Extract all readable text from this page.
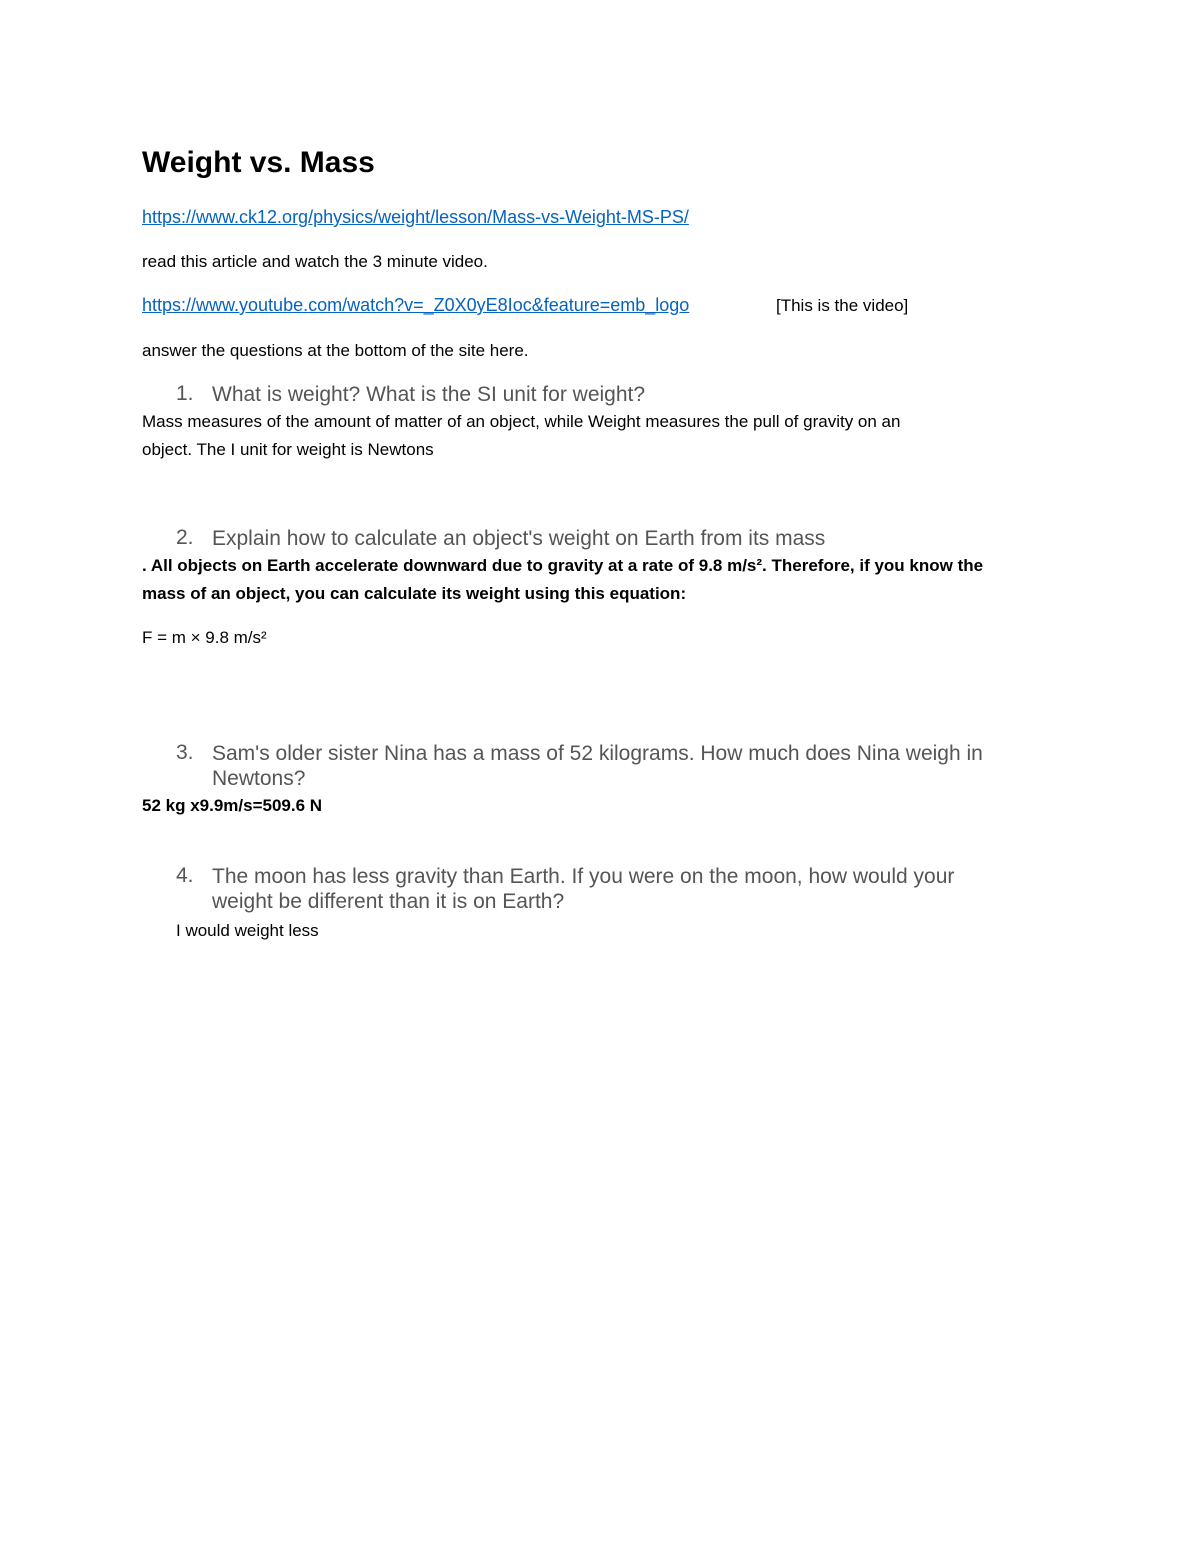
Weight vs. Mass
https://www.ck12.org/physics/weight/lesson/Mass-vs-Weight-MS-PS/
read this article and watch the 3 minute video.
https://www.youtube.com/watch?v=_Z0X0yE8Ioc&feature=emb_logo	[This is the video]
answer the questions at the bottom of the site here.
1. What is weight? What is the SI unit for weight?
Mass measures of the amount of matter of an object, while Weight measures the pull of gravity on an
object. The I unit for weight is Newtons
2. Explain how to calculate an object's weight on Earth from its mass
. All objects on Earth accelerate downward due to gravity at a rate of 9.8 m/s². Therefore, if you know the
mass of an object, you can calculate its weight using this equation:
F = m × 9.8 m/s²
3. Sam's older sister Nina has a mass of 52 kilograms. How much does Nina weigh in
Newtons?
52 kg x9.9m/s=509.6 N
4. The moon has less gravity than Earth. If you were on the moon, how would your
weight be different than it is on Earth?
I would weight less
